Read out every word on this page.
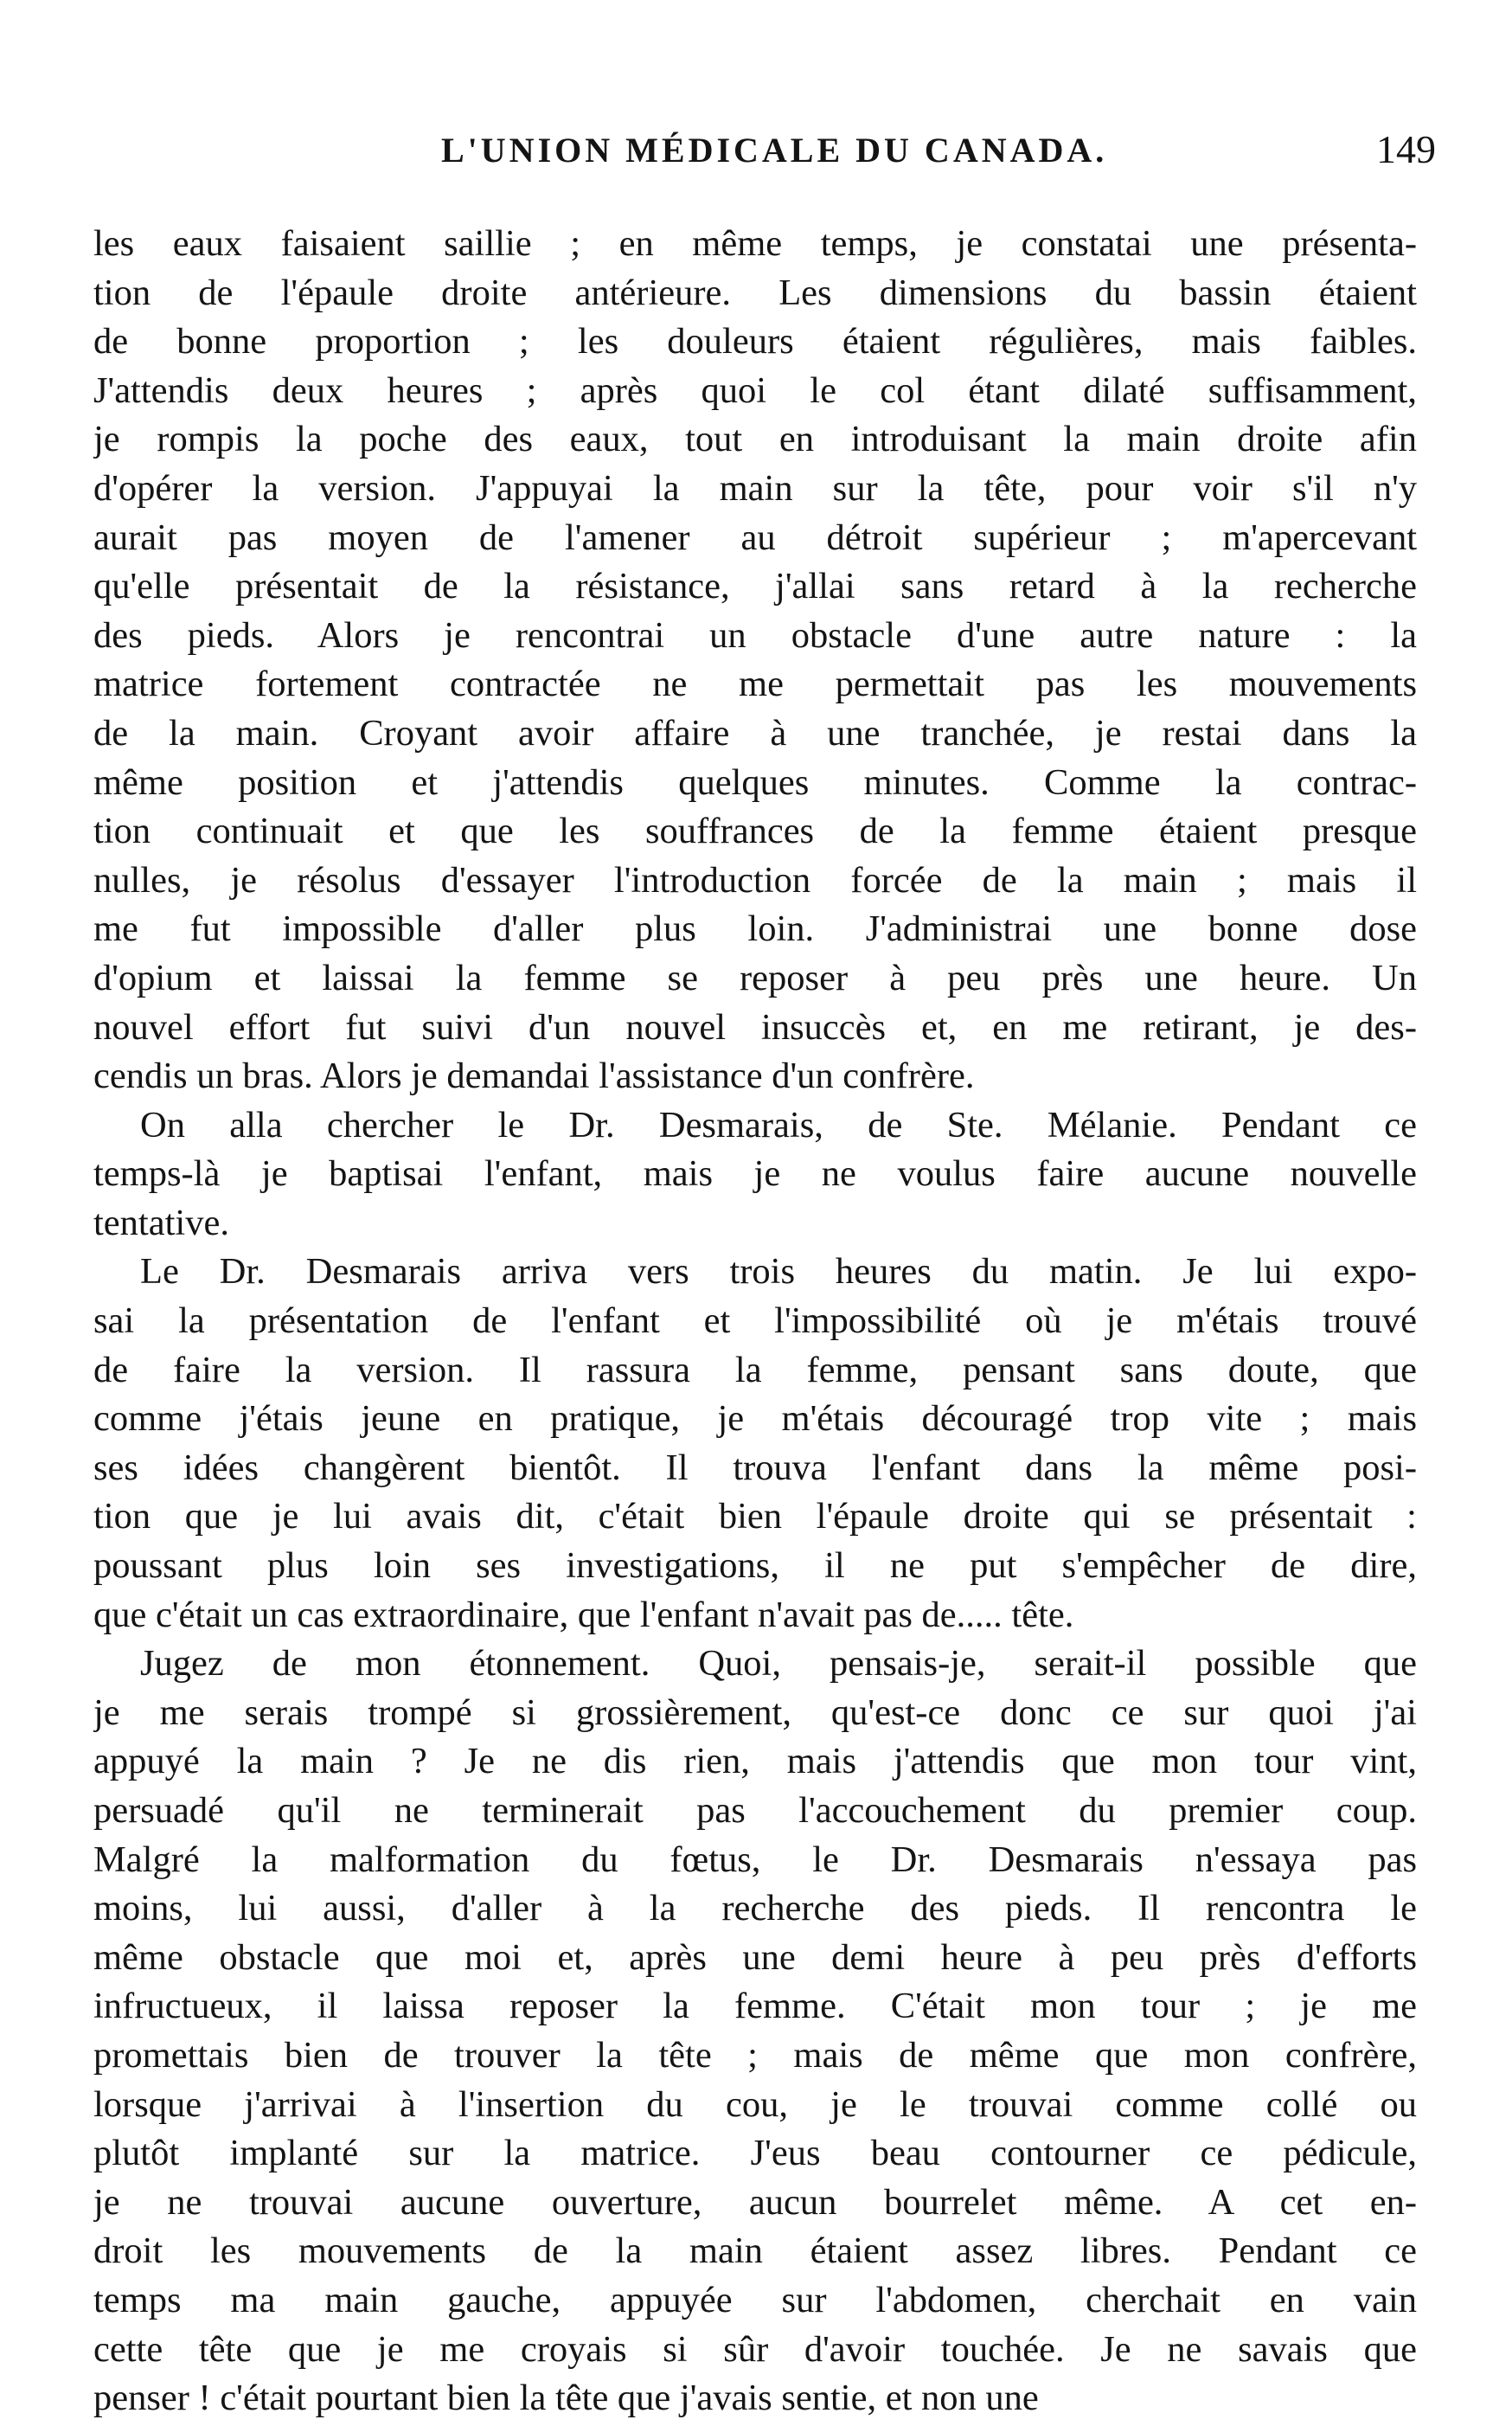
L'UNION MÉDICALE DU CANADA.	149
les eaux faisaient saillie ; en même temps, je constatai une présenta-
tion de l'épaule droite antérieure. Les dimensions du bassin étaient
de bonne proportion ; les douleurs étaient régulières, mais faibles.
J'attendis deux heures ; après quoi le col étant dilaté suffisamment,
je rompis la poche des eaux, tout en introduisant la main droite afin
d'opérer la version. J'appuyai la main sur la tête, pour voir s'il n'y
aurait pas moyen de l'amener au détroit supérieur ; m'apercevant
qu'elle présentait de la résistance, j'allai sans retard à la recherche
des pieds. Alors je rencontrai un obstacle d'une autre nature : la
matrice fortement contractée ne me permettait pas les mouvements
de la main. Croyant avoir affaire à une tranchée, je restai dans la
même position et j'attendis quelques minutes. Comme la contrac-
tion continuait et que les souffrances de la femme étaient presque
nulles, je résolus d'essayer l'introduction forcée de la main ; mais il
me fut impossible d'aller plus loin. J'administrai une bonne dose
d'opium et laissai la femme se reposer à peu près une heure. Un
nouvel effort fut suivi d'un nouvel insuccès et, en me retirant, je des-
cendis un bras. Alors je demandai l'assistance d'un confrère.
On alla chercher le Dr. Desmarais, de Ste. Mélanie. Pendant ce
temps-là je baptisai l'enfant, mais je ne voulus faire aucune nouvelle
tentative.
Le Dr. Desmarais arriva vers trois heures du matin. Je lui expo-
sai la présentation de l'enfant et l'impossibilité où je m'étais trouvé
de faire la version. Il rassura la femme, pensant sans doute, que
comme j'étais jeune en pratique, je m'étais découragé trop vite ; mais
ses idées changèrent bientôt. Il trouva l'enfant dans la même posi-
tion que je lui avais dit, c'était bien l'épaule droite qui se présentait :
poussant plus loin ses investigations, il ne put s'empêcher de dire,
que c'était un cas extraordinaire, que l'enfant n'avait pas de..... tête.
Jugez de mon étonnement. Quoi, pensais-je, serait-il possible que
je me serais trompé si grossièrement, qu'est-ce donc ce sur quoi j'ai
appuyé la main ? Je ne dis rien, mais j'attendis que mon tour vint,
persuadé qu'il ne terminerait pas l'accouchement du premier coup.
Malgré la malformation du fœtus, le Dr. Desmarais n'essaya pas
moins, lui aussi, d'aller à la recherche des pieds. Il rencontra le
même obstacle que moi et, après une demi heure à peu près d'efforts
infructueux, il laissa reposer la femme. C'était mon tour ; je me
promettais bien de trouver la tête ; mais de même que mon confrère,
lorsque j'arrivai à l'insertion du cou, je le trouvai comme collé ou
plutôt implanté sur la matrice. J'eus beau contourner ce pédicule,
je ne trouvai aucune ouverture, aucun bourrelet même. A cet en-
droit les mouvements de la main étaient assez libres. Pendant ce
temps ma main gauche, appuyée sur l'abdomen, cherchait en vain
cette tête que je me croyais si sûr d'avoir touchée. Je ne savais que
penser ! c'était pourtant bien la tête que j'avais sentie, et non une
